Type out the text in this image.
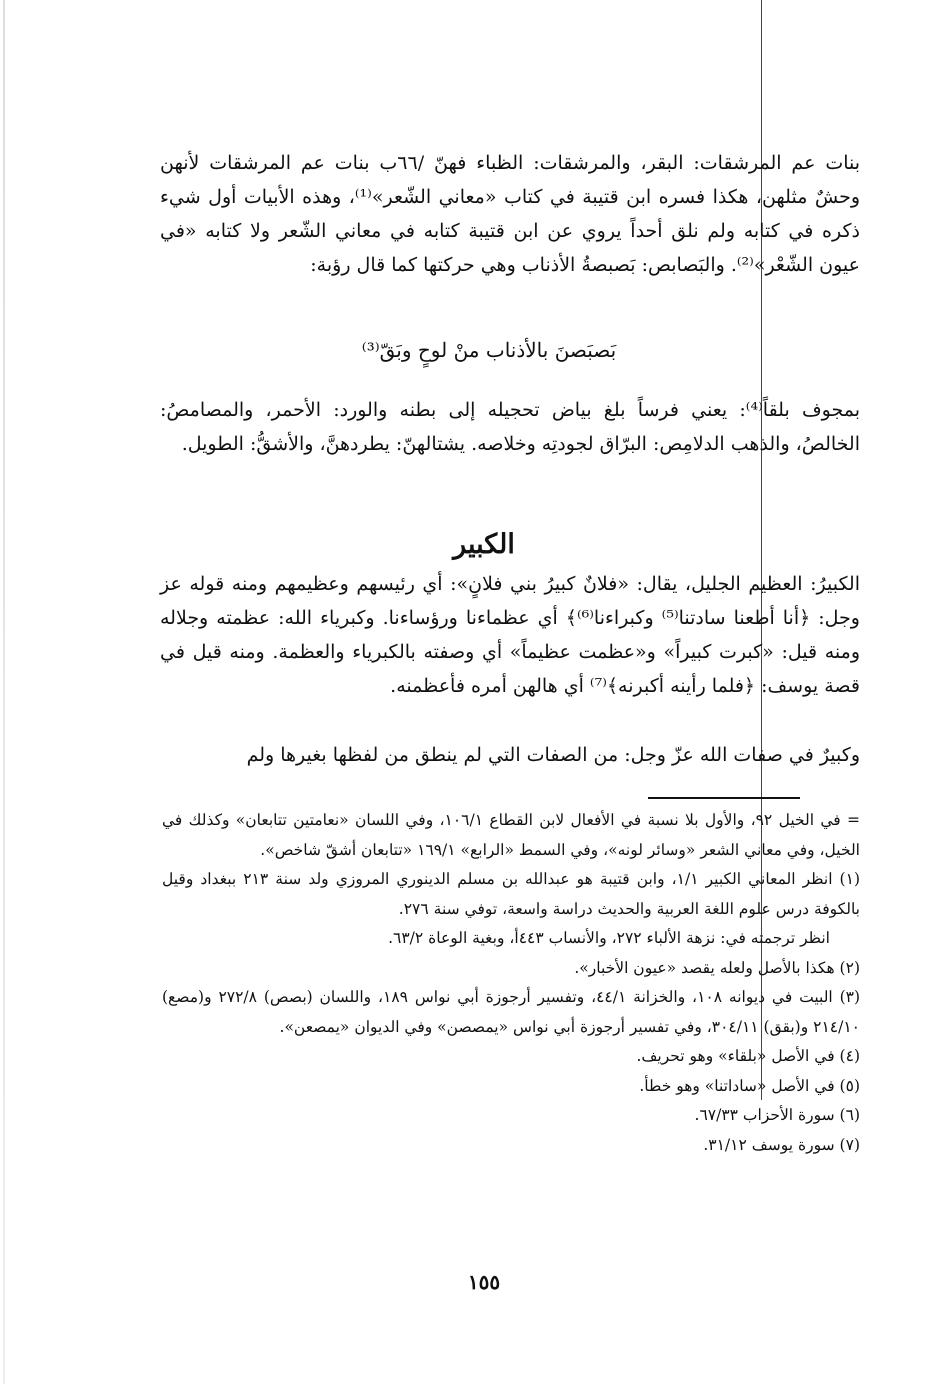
بنات عم المرشقات: البقر، والمرشقات: الظباء فهنّ /٦٦ب بنات عم المرشقات لأنهن وحشٌ مثلهن، هكذا فسره ابن قتيبة في كتاب «معاني الشّعر»⁽¹⁾، وهذه الأبيات أول شيء ذكره في كتابه ولم نلق أحداً يروي عن ابن قتيبة كتابه في معاني الشّعر ولا كتابه «في عيون الشّعْر»⁽²⁾. والبَصابص: بَصبصةُ الأذناب وهي حركتها كما قال رؤبة:

بَصبَصنَ بالأذناب منْ لوحٍ وبَقّ⁽³⁾

بمجوف بلقاً⁽⁴⁾: يعني فرساً بلغ بياض تحجيله إلى بطنه والورد: الأحمر، والمصامصُ: الخالصُ، والذهب الدلامِص: البرّاق لجودتِه وخلاصه. يشتالهنّ: يطردهنَّ، والأشقُّ: الطويل.

الكبير

الكبيرُ: العظيم الجليل، يقال: «فلانٌ كبيرُ بني فلانٍ»: أي رئيسهم وعظيمهم ومنه قوله عز وجل: ﴿أنا أطعنا سادتنا⁽⁵⁾ وكبراءنا⁽⁶⁾﴾ أي عظماءنا ورؤساءنا. وكبرياء الله: عظمته وجلاله ومنه قيل: «كبرت كبيراً» و«عظمت عظيماً» أي وصفته بالكبرياء والعظمة. ومنه قيل في قصة يوسف: ﴿فلما رأينه أكبرنه﴾⁽⁷⁾ أي هالهن أمره فأعظمنه.

وكبيرٌ في صفات الله عزّ وجل: من الصفات التي لم ينطق من لفظها بغيرها ولم

= في الخيل ٩٢، والأول بلا نسبة في الأفعال لابن القطاع ١٠٦/١، وفي اللسان «نعامتين تتابعان» وكذلك في الخيل، وفي معاني الشعر «وسائر لونه»، وفي السمط «الرابع» ١٦٩/١ «تتابعان أشقّ شاخص».

(١) انظر المعاني الكبير ١/١، وابن قتيبة هو عبدالله بن مسلم الدينوري المروزي ولد سنة ٢١٣ ببغداد وقيل بالكوفة درس علوم اللغة العربية والحديث دراسة واسعة، توفي سنة ٢٧٦.

انظر ترجمته في: نزهة الألباء ٢٧٢، والأنساب ٤٤٣أ، وبغية الوعاة ٦٣/٢.

(٢) هكذا بالأصل ولعله يقصد «عيون الأخبار».

(٣) البيت في ديوانه ١٠٨، والخزانة ٤٤/١، وتفسير أرجوزة أبي نواس ١٨٩، واللسان (بصص) ٢٧٢/٨ و(مصع) ٢١٤/١٠ و(بقق) ٣٠٤/١١، وفي تفسير أرجوزة أبي نواس «يمصصن» وفي الديوان «يمصعن».

(٤) في الأصل «بلقاء» وهو تحريف.

(٥) في الأصل «ساداتنا» وهو خطأ.

(٦) سورة الأحزاب ٦٧/٣٣.

(٧) سورة يوسف ٣١/١٢.

١٥٥
